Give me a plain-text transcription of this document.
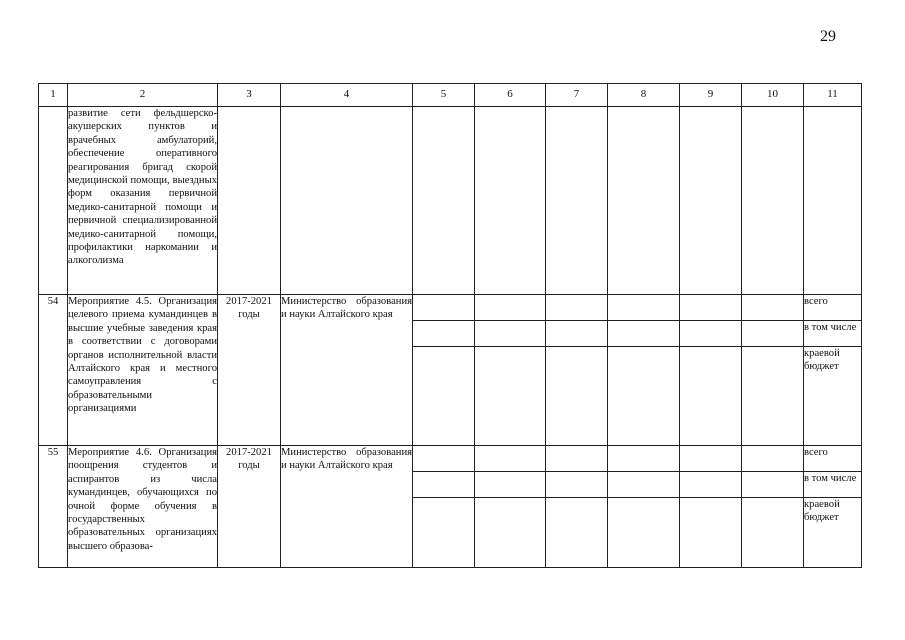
29
1	2	3	4	5	6	7	8	9	10	11
	развитие сети фельдшерско-акушерских пунктов и врачебных амбулаторий, обеспечение оперативного реагирования бригад скорой медицинской помощи, выездных форм оказания первичной медико-санитарной помощи и первичной специализированной медико-санитарной помощи, профилактики наркомании и алкоголизма									
54	Мероприятие 4.5. Организация целевого приема кумандинцев в высшие учебные заведения края в соответствии с договорами органов исполнительной власти Алтайского края и местного самоуправления с образовательными организациями	2017-2021 годы	Министерство образования и науки Алтайского края							всего
										в том числе
										краевой бюджет
55	Мероприятие 4.6. Организация поощрения студентов и аспирантов из числа кумандинцев, обучающихся по очной форме обучения в государственных образовательных организациях высшего образова-	2017-2021 годы	Министерство образования и науки Алтайского края							всего
										в том числе
										краевой бюджет
